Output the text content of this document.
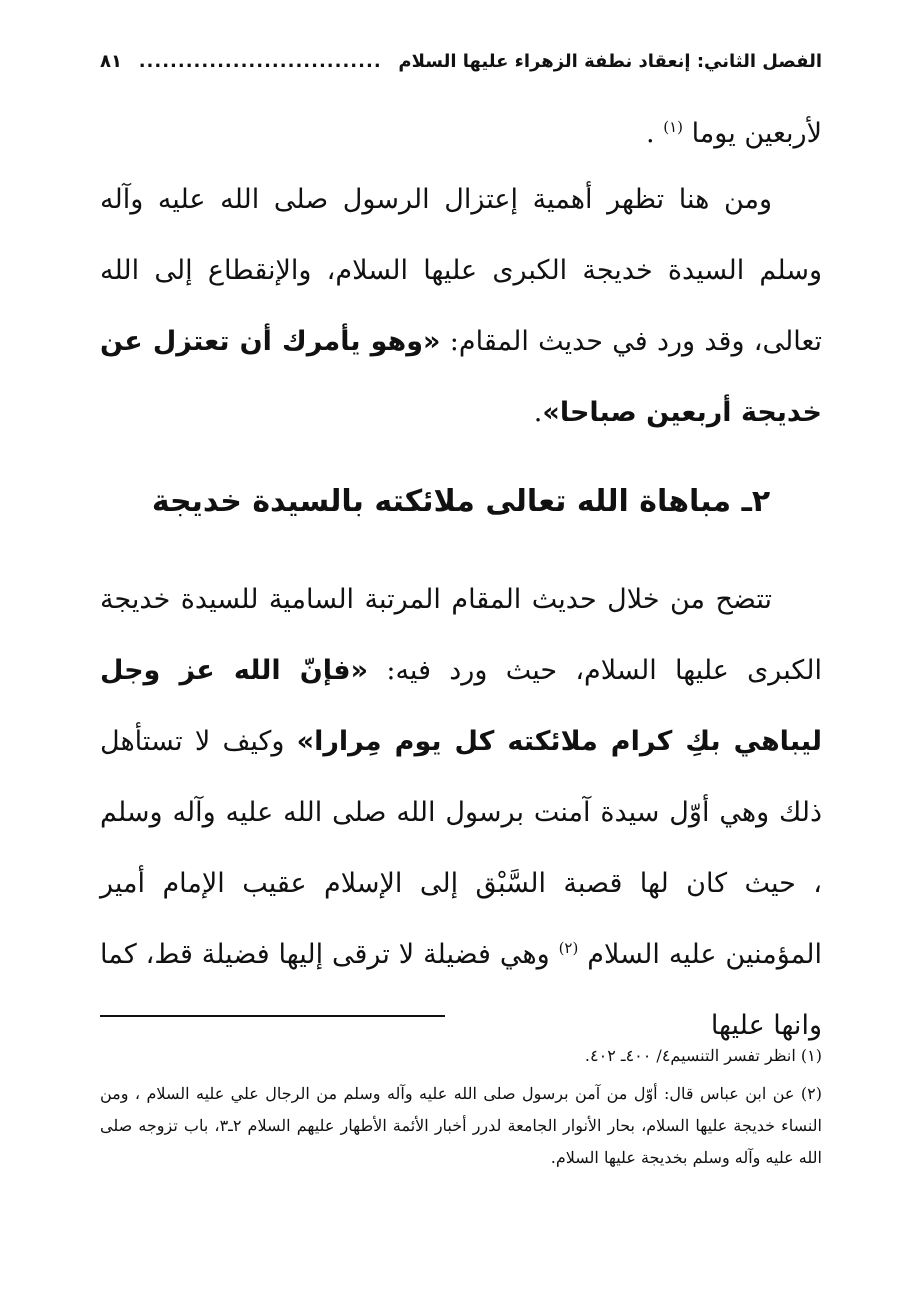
الفصل الثاني: إنعقاد نطفة الزهراء عليها السلام
...............................
٨١
لأربعين يوما $^{(١)}$ .
ومن هنا تظهر أهمية إعتزال الرسول صلى الله عليه وآله وسلم السيدة خديجة الكبرى عليها السلام، والإنقطاع إلى الله تعالى، وقد ورد في حديث المقام: «وهو يأمرك أن تعتزل عن خديجة أربعين صباحا».
٢ـ مباهاة الله تعالى ملائكته بالسيدة خديجة
تتضح من خلال حديث المقام المرتبة السامية للسيدة خديجة الكبرى عليها السلام، حيث ورد فيه: «فإنّ الله عز وجل ليباهي بكِ كرام ملائكته كل يوم مِرارا» وكيف لا تستأهل ذلك وهي أوّل سيدة آمنت برسول الله صلى الله عليه وآله وسلم ، حيث كان لها قصبة السَّبْق إلى الإسلام عقيب الإمام أمير المؤمنين عليه السلام $^{(٢)}$ وهي فضيلة لا ترقى إليها فضيلة قط، كما وانها عليها

(١) انظر تفسر التنسيم٤/ ٤٠٠ـ ٤٠٢.

(٢) عن ابن عباس قال: أوّل من آمن برسول صلى الله عليه وآله وسلم من الرجال علي عليه السلام ، ومن النساء خديجة عليها السلام، بحار الأنوار الجامعة لدرر أخبار الأئمة الأطهار عليهم السلام ٢ـ٣، باب تزوجه صلى الله عليه وآله وسلم بخديجة عليها السلام.
